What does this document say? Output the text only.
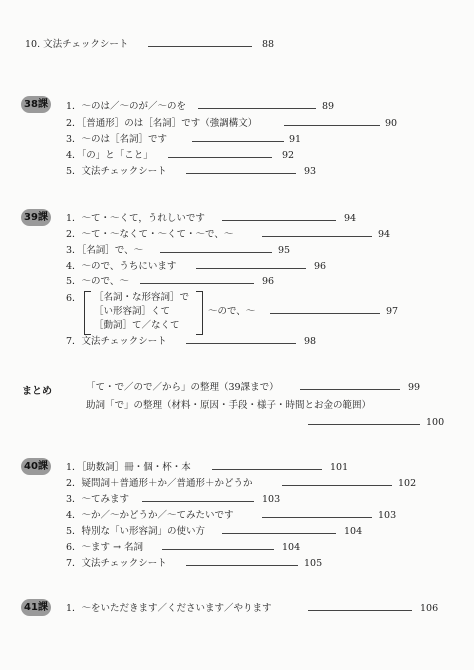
10. 文法チェックシート	88
38課	1．～のは／～のが／～のを	89
2．［普通形］のは［名詞］です（強調構文）	90
3．～のは［名詞］です	91
4．「の」と「こと」	92
5．文法チェックシート	93
39課	1．～て・～くて，うれしいです	94
2．～て・～なくて・～くて・～で、～	94
3．［名詞］で、～	95
4．～ので、うちにいます	96
5．～ので、～	96
6． ［名詞・な形容詞］で
［い形容詞］くて
［動詞］て／なくて
～ので、～	97
7．文法チェックシート	98
まとめ	「て・で／ので／から」の整理（39課まで）	99
助詞「で」の整理（材料・原因・手段・様子・時間とお金の範囲）
100
40課	1．［助数詞］冊・個・杯・本	101
2．疑問詞＋普通形＋か／普通形＋かどうか	102
3．～てみます	103
4．～か／～かどうか／～てみたいです	103
5．特別な「い形容詞」の使い方	104
6．～ます → 名詞	104
7．文法チェックシート	105
41課	1．～をいただきます／くださいます／やります	106
